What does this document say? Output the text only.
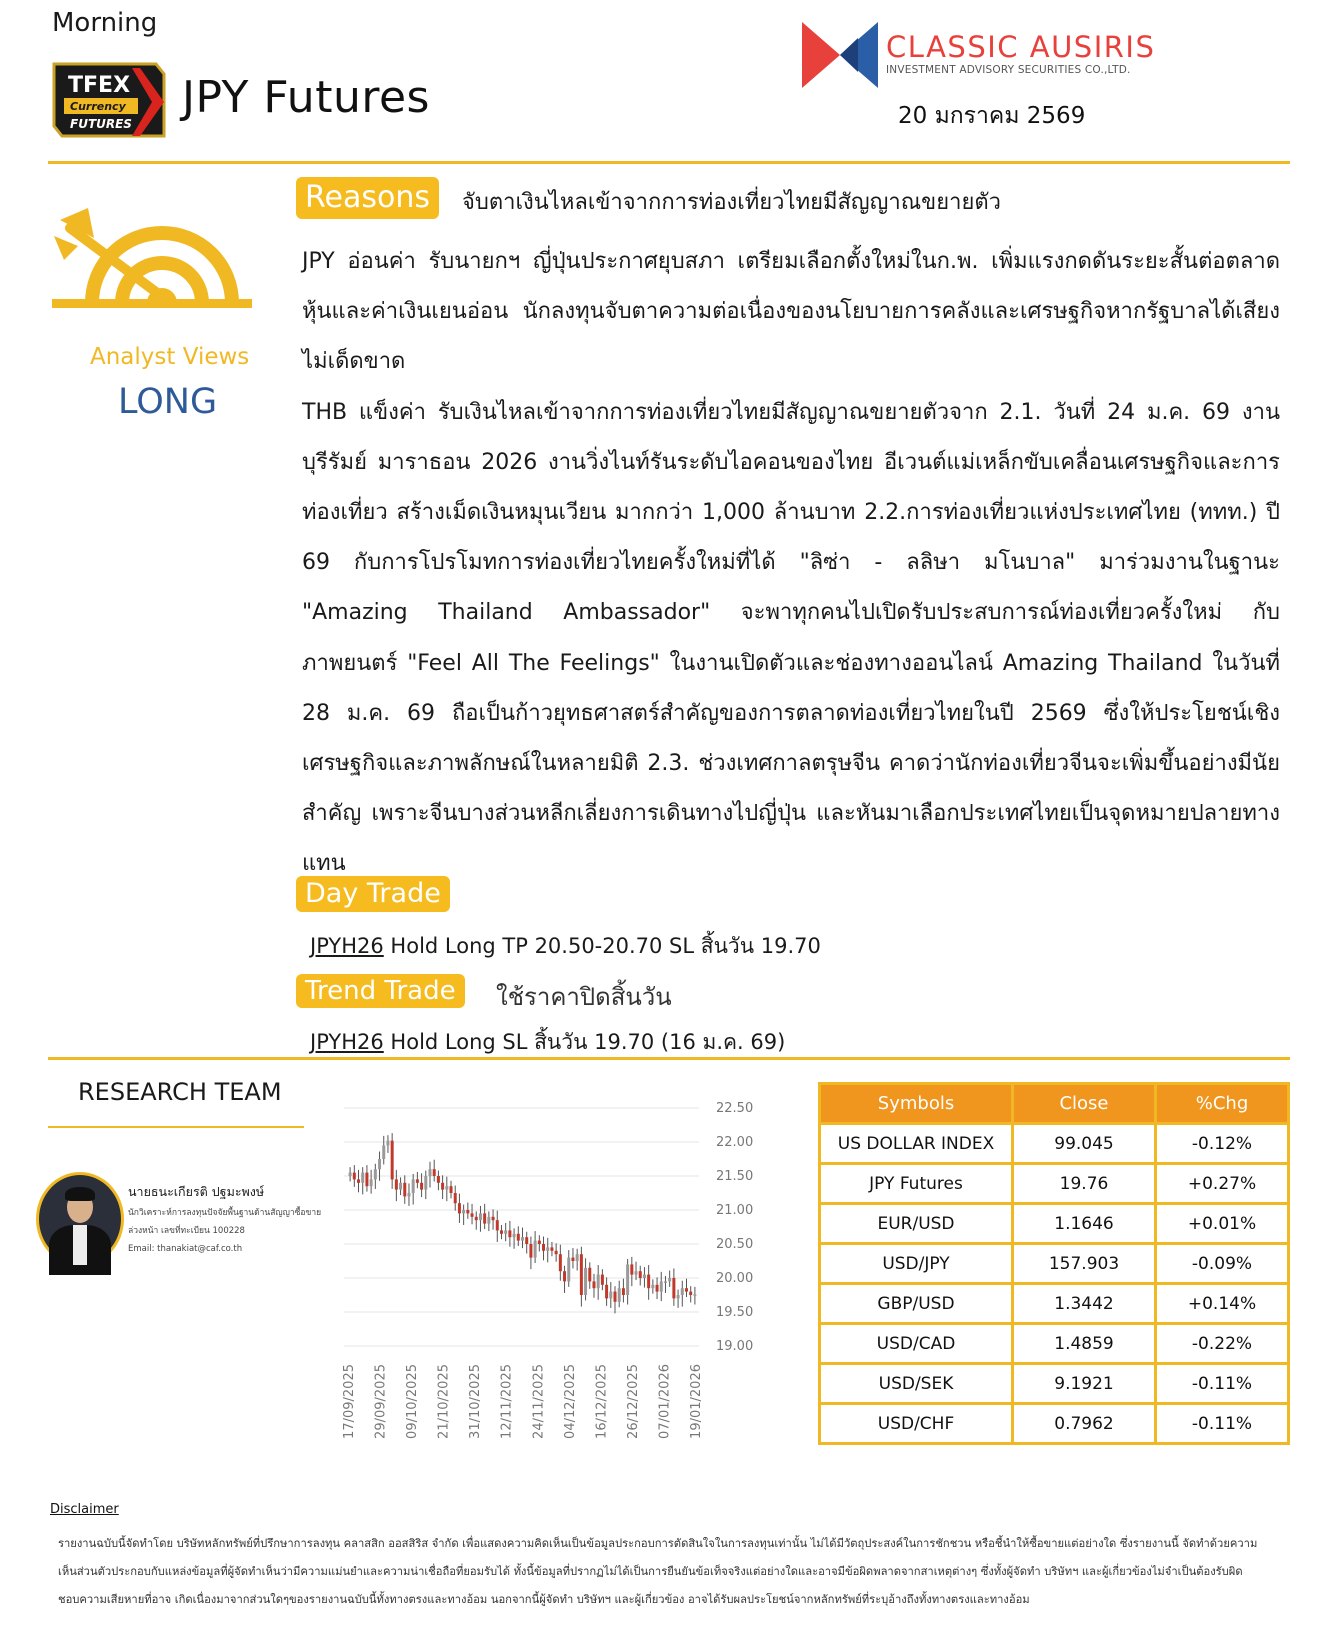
Morning
TFEX
Currency
FUTURES
JPY Futures
CLASSIC AUSIRIS
INVESTMENT ADVISORY SECURITIES CO.,LTD.
20 มกราคม 2569
Analyst Views
LONG
Reasons	จับตาเงินไหลเข้าจากการท่องเที่ยวไทยมีสัญญาณขยายตัว

JPY อ่อนค่า รับนายกฯ ญี่ปุ่นประกาศยุบสภา เตรียมเลือกตั้งใหม่ในก.พ. เพิ่มแรงกดดันระยะสั้นต่อตลาดหุ้นและค่าเงินเยนอ่อน นักลงทุนจับตาความต่อเนื่องของนโยบายการคลังและเศรษฐกิจหากรัฐบาลได้เสียงไม่เด็ดขาด

THB แข็งค่า รับเงินไหลเข้าจากการท่องเที่ยวไทยมีสัญญาณขยายตัวจาก 2.1. วันที่ 24 ม.ค. 69 งาน บุรีรัมย์ มาราธอน 2026 งานวิ่งไนท์รันระดับไอคอนของไทย อีเวนต์แม่เหล็กขับเคลื่อนเศรษฐกิจและการท่องเที่ยว สร้างเม็ดเงินหมุนเวียน มากกว่า 1,000 ล้านบาท 2.2.การท่องเที่ยวแห่งประเทศไทย (ททท.) ปี 69 กับการโปรโมทการท่องเที่ยวไทยครั้งใหม่ที่ได้ "ลิซ่า - ลลิษา มโนบาล" มาร่วมงานในฐานะ "Amazing Thailand Ambassador" จะพาทุกคนไปเปิดรับประสบการณ์ท่องเที่ยวครั้งใหม่ กับภาพยนตร์ "Feel All The Feelings" ในงานเปิดตัวและช่องทางออนไลน์ Amazing Thailand ในวันที่ 28 ม.ค. 69 ถือเป็นก้าวยุทธศาสตร์สำคัญของการตลาดท่องเที่ยวไทยในปี 2569 ซึ่งให้ประโยชน์เชิงเศรษฐกิจและภาพลักษณ์ในหลายมิติ 2.3. ช่วงเทศกาลตรุษจีน คาดว่านักท่องเที่ยวจีนจะเพิ่มขึ้นอย่างมีนัยสำคัญ เพราะจีนบางส่วนหลีกเลี่ยงการเดินทางไปญี่ปุ่น และหันมาเลือกประเทศไทยเป็นจุดหมายปลายทางแทน

Day Trade
JPYH26 Hold Long TP 20.50-20.70 SL สิ้นวัน 19.70
Trend Trade	ใช้ราคาปิดสิ้นวัน
JPYH26 Hold Long SL สิ้นวัน 19.70 (16 ม.ค. 69)
RESEARCH TEAM
นายธนะเกียรติ ปฐมะพงษ์
นักวิเคราะห์การลงทุนปัจจัยพื้นฐานด้านสัญญาซื้อขายล่วงหน้า เลขที่ทะเบียน 100228
Email: thanakiat@caf.co.th
22.50
22.00
21.50
21.00
20.50
20.00
19.50
19.00
17/09/2025 29/09/2025 09/10/2025 21/10/2025 31/10/2025 12/11/2025 24/11/2025 04/12/2025 16/12/2025 26/12/2025 07/01/2026 19/01/2026
Symbols	Close	%Chg
US DOLLAR INDEX	99.045	-0.12%
JPY Futures	19.76	+0.27%
EUR/USD	1.1646	+0.01%
USD/JPY	157.903	-0.09%
GBP/USD	1.3442	+0.14%
USD/CAD	1.4859	-0.22%
USD/SEK	9.1921	-0.11%
USD/CHF	0.7962	-0.11%
Disclaimer
รายงานฉบับนี้จัดทำโดย บริษัทหลักทรัพย์ที่ปรึกษาการลงทุน คลาสสิก ออสสิริส จำกัด เพื่อแสดงความคิดเห็นเป็นข้อมูลประกอบการตัดสินใจในการลงทุนเท่านั้น ไม่ได้มีวัตถุประสงค์ในการชักชวน หรือชี้นำให้ซื้อขายแต่อย่างใด ซึ่งรายงานนี้ จัดทำด้วยความเห็นส่วนตัวประกอบกับแหล่งข้อมูลที่ผู้จัดทำเห็นว่ามีความแม่นยำและความน่าเชื่อถือที่ยอมรับได้ ทั้งนี้ข้อมูลที่ปรากฏไม่ได้เป็นการยืนยันข้อเท็จจริงแต่อย่างใดและอาจมีข้อผิดพลาดจากสาเหตุต่างๆ ซึ่งทั้งผู้จัดทำ บริษัทฯ และผู้เกี่ยวข้องไม่จำเป็นต้องรับผิดชอบความเสียหายที่อาจ เกิดเนื่องมาจากส่วนใดๆของรายงานฉบับนี้ทั้งทางตรงและทางอ้อม นอกจากนี้ผู้จัดทำ บริษัทฯ และผู้เกี่ยวข้อง อาจได้รับผลประโยชน์จากหลักทรัพย์ที่ระบุอ้างถึงทั้งทางตรงและทางอ้อม
